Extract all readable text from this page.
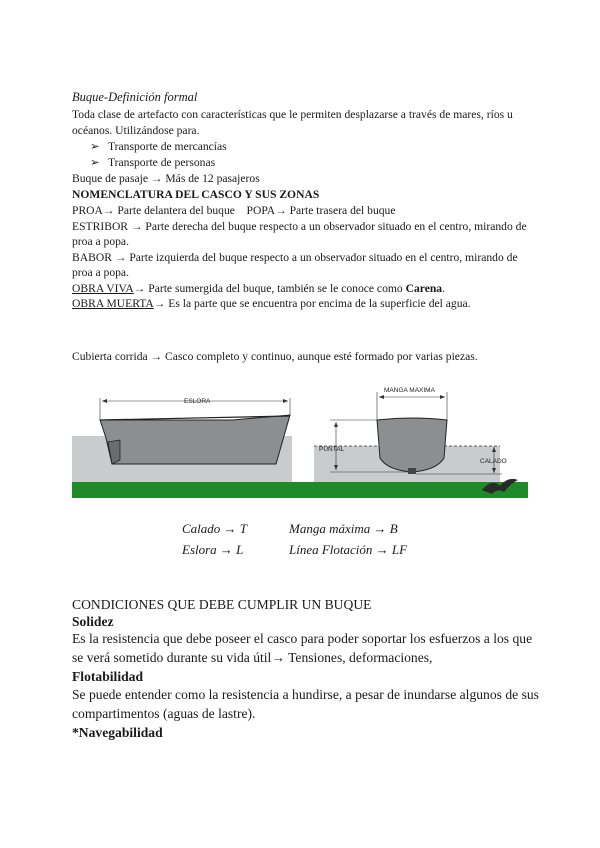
Buque-Definición formal
Toda clase de artefacto con características que le permiten desplazarse a través de mares, ríos u océanos. Utilizándose para.
➢ Transporte de mercancías
➢ Transporte de personas
Buque de pasaje → Más de 12 pasajeros
NOMENCLATURA DEL CASCO Y SUS ZONAS

PROA→ Parte delantera del buque POPA→ Parte trasera del buque

ESTRIBOR → Parte derecha del buque respecto a un observador situado en el centro, mirando de proa a popa.

BABOR → Parte izquierda del buque respecto a un observador situado en el centro, mirando de proa a popa.

OBRA VIVA→ Parte sumergida del buque, también se le conoce como Carena.

OBRA MUERTA→ Es la parte que se encuentra por encima de la superficie del agua.

Cubierta corrida → Casco completo y continuo, aunque esté formado por varias piezas.
ESLORA
MANGA MAXIMA
PUNTAL
CALADO
Calado → T	Manga máxima → B
Eslora → L	Línea Flotación → LF
CONDICIONES QUE DEBE CUMPLIR UN BUQUE
Solidez
Es la resistencia que debe poseer el casco para poder soportar los esfuerzos a los que se verá sometido durante su vida útil→ Tensiones, deformaciones,
Flotabilidad
Se puede entender como la resistencia a hundirse, a pesar de inundarse algunos de sus compartimentos (aguas de lastre).
*Navegabilidad
